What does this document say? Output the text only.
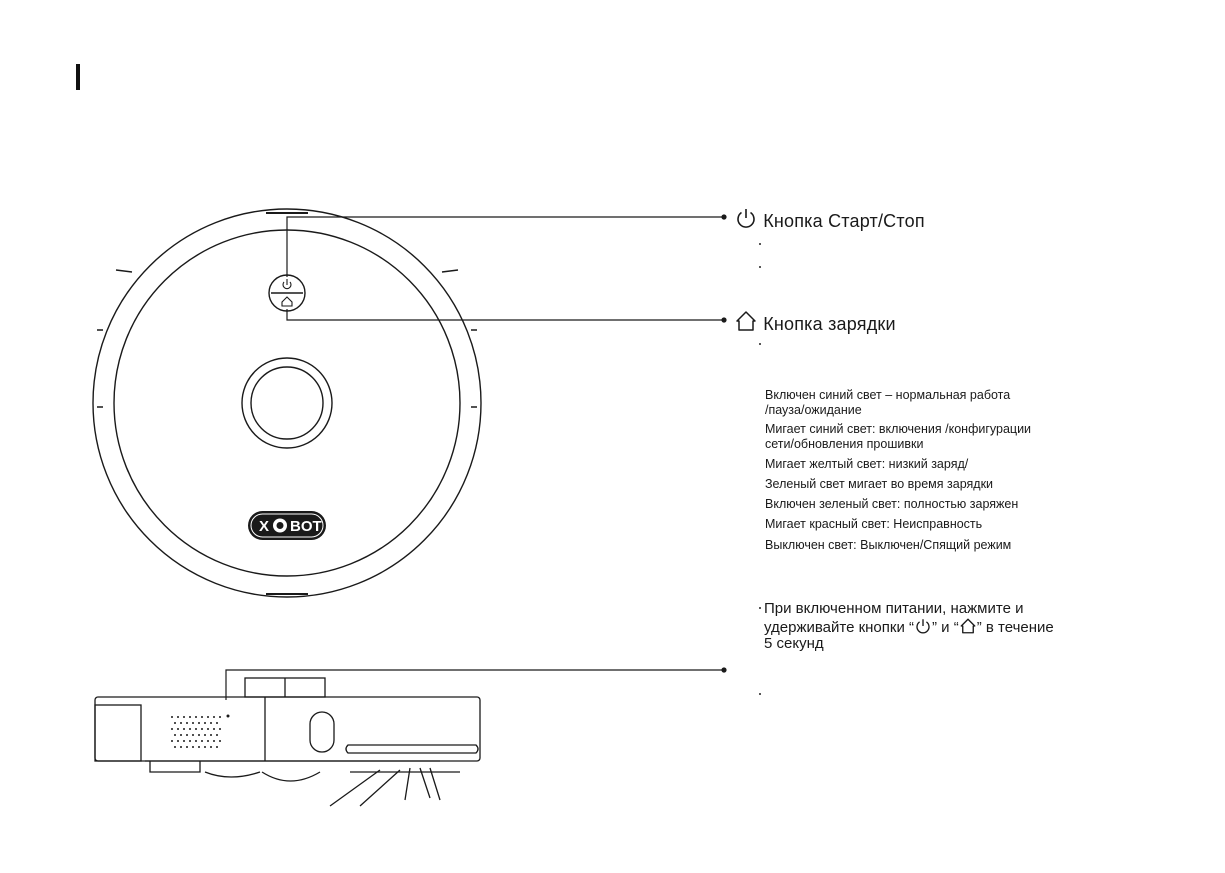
X BOT
Кнопка Старт/Стоп
Кнопка зарядки
Включен синий свет – нормальная работа
/пауза/ожидание
Мигает синий свет: включения /конфигурации
сети/обновления прошивки
Мигает желтый свет: низкий заряд/
Зеленый свет мигает во время зарядки
Включен зеленый свет: полностью заряжен
Мигает красный свет: Неисправность
Выключен свет: Выключен/Спящий режим
При включенном питании, нажмите и
удерживайте кнопки “ ” и “ ” в течение
5 секунд
